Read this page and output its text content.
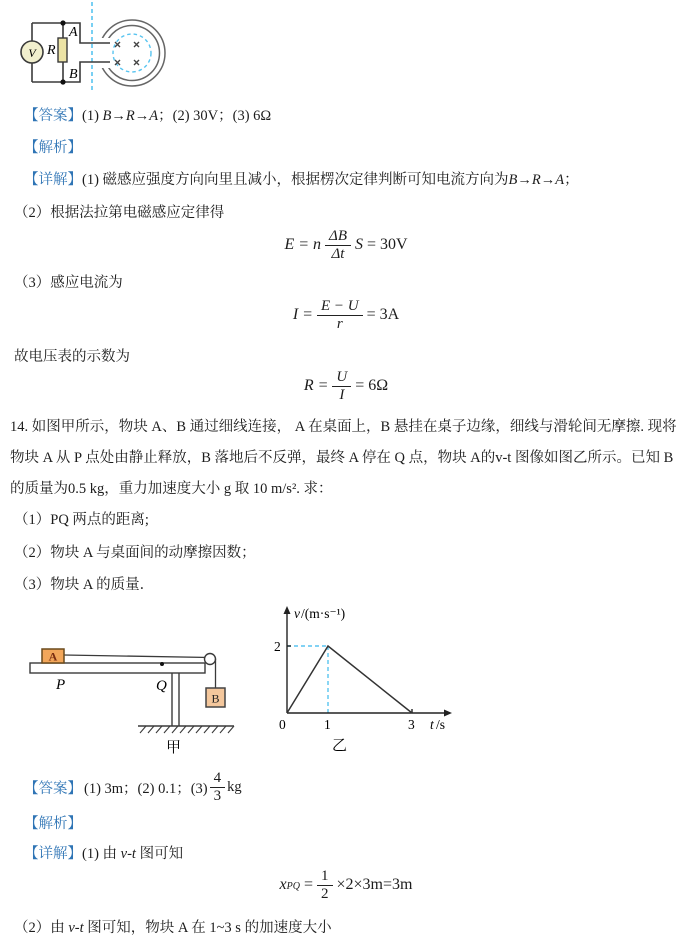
V
A
R
B
【答案】(1) B→R→A；(2) 30V；(3) 6Ω
【解析】
【详解】(1) 磁感应强度方向向里且减小，根据楞次定律判断可知电流方向为B→R→A；
（2）根据法拉第电磁感应定律得
E = n $\frac{\Delta B}{\Delta t}$ S = 30V
（3）感应电流为
$I = \frac{E - U}{r} = 3A$
故电压表的示数为
$R = \frac{U}{I} = 6\Omega$
14. 如图甲所示，物块 A、B 通过细线连接， A 在桌面上，B 悬挂在桌子边缘，细线与滑轮间无摩擦. 现将
物块 A 从 P 点处由静止释放，B 落地后不反弹，最终 A 停在 Q 点，物块 A的v-t 图像如图乙所示。已知 B
的质量为0.5 kg，重力加速度大小 g 取 10 m/s². 求：
（1）PQ 两点的距离;
（2）物块 A 与桌面间的动摩擦因数；
（3）物块 A 的质量．
A
B
P	Q
甲
v /(m·s⁻¹)
2
0	1	3 t /s
乙
【答案】 (1) 3m；(2) 0.1；$(3) \frac{4}{3}$ kg
【解析】
【详解】(1) 由 v-t 图可知
x PQ = $\frac{1}{2} \times 2\times 3m=3m$
（2）由 v-t 图可知，物块 A 在 1~3 s 的加速度大小
